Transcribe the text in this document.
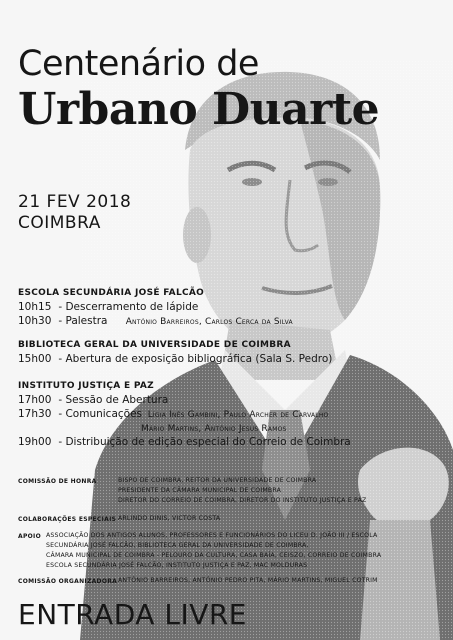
Centenário de
Urbano Duarte
21 FEV 2018
COIMBRA
ESCOLA SECUNDÁRIA JOSÉ FALCÃO
10h15 - Descerramento de lápide
10h30 - Palestra António Barreiros, Carlos Cerca da Silva
BIBLIOTECA GERAL DA UNIVERSIDADE DE COIMBRA
15h00 - Abertura de exposição bibliográfica (Sala S. Pedro)
INSTITUTO JUSTIÇA E PAZ
17h00 - Sessão de Abertura
17h30 - Comunicações Lígia Inês Gambini, Paulo Archer de Carvalho
Mário Martins, António Jesus Ramos
19h00 - Distribuição de edição especial do Correio de Coimbra
COMISSÃO DE HONRA	BISPO DE COIMBRA, REITOR DA UNIVERSIDADE DE COIMBRA
PRESIDENTE DA CÂMARA MUNICIPAL DE COIMBRA
DIRETOR DO CORREIO DE COIMBRA, DIRETOR DO INSTITUTO JUSTIÇA E PAZ
COLABORAÇÕES ESPECIAIS ARLINDO DINIS, VICTOR COSTA
APOIO ASSOCIAÇÃO DOS ANTIGOS ALUNOS, PROFESSORES E FUNCIONÁRIOS DO LICEU D. JOÃO III / ESCOLA
SECUNDÁRIA JOSÉ FALCÃO, BIBLIOTECA GERAL DA UNIVERSIDADE DE COIMBRA,
CÂMARA MUNICIPAL DE COIMBRA - PELOURO DA CULTURA, CASA BAÍA, CEISZO, CORREIO DE COIMBRA
ESCOLA SECUNDÁRIA JOSÉ FALCÃO, INSTITUTO JUSTIÇA E PAZ, MAC MOLDURAS
COMISSÃO ORGANIZADORA ANTÓNIO BARREIROS, ANTÓNIO PEDRO PITA, MÁRIO MARTINS, MIGUEL COTRIM
ENTRADA LIVRE
